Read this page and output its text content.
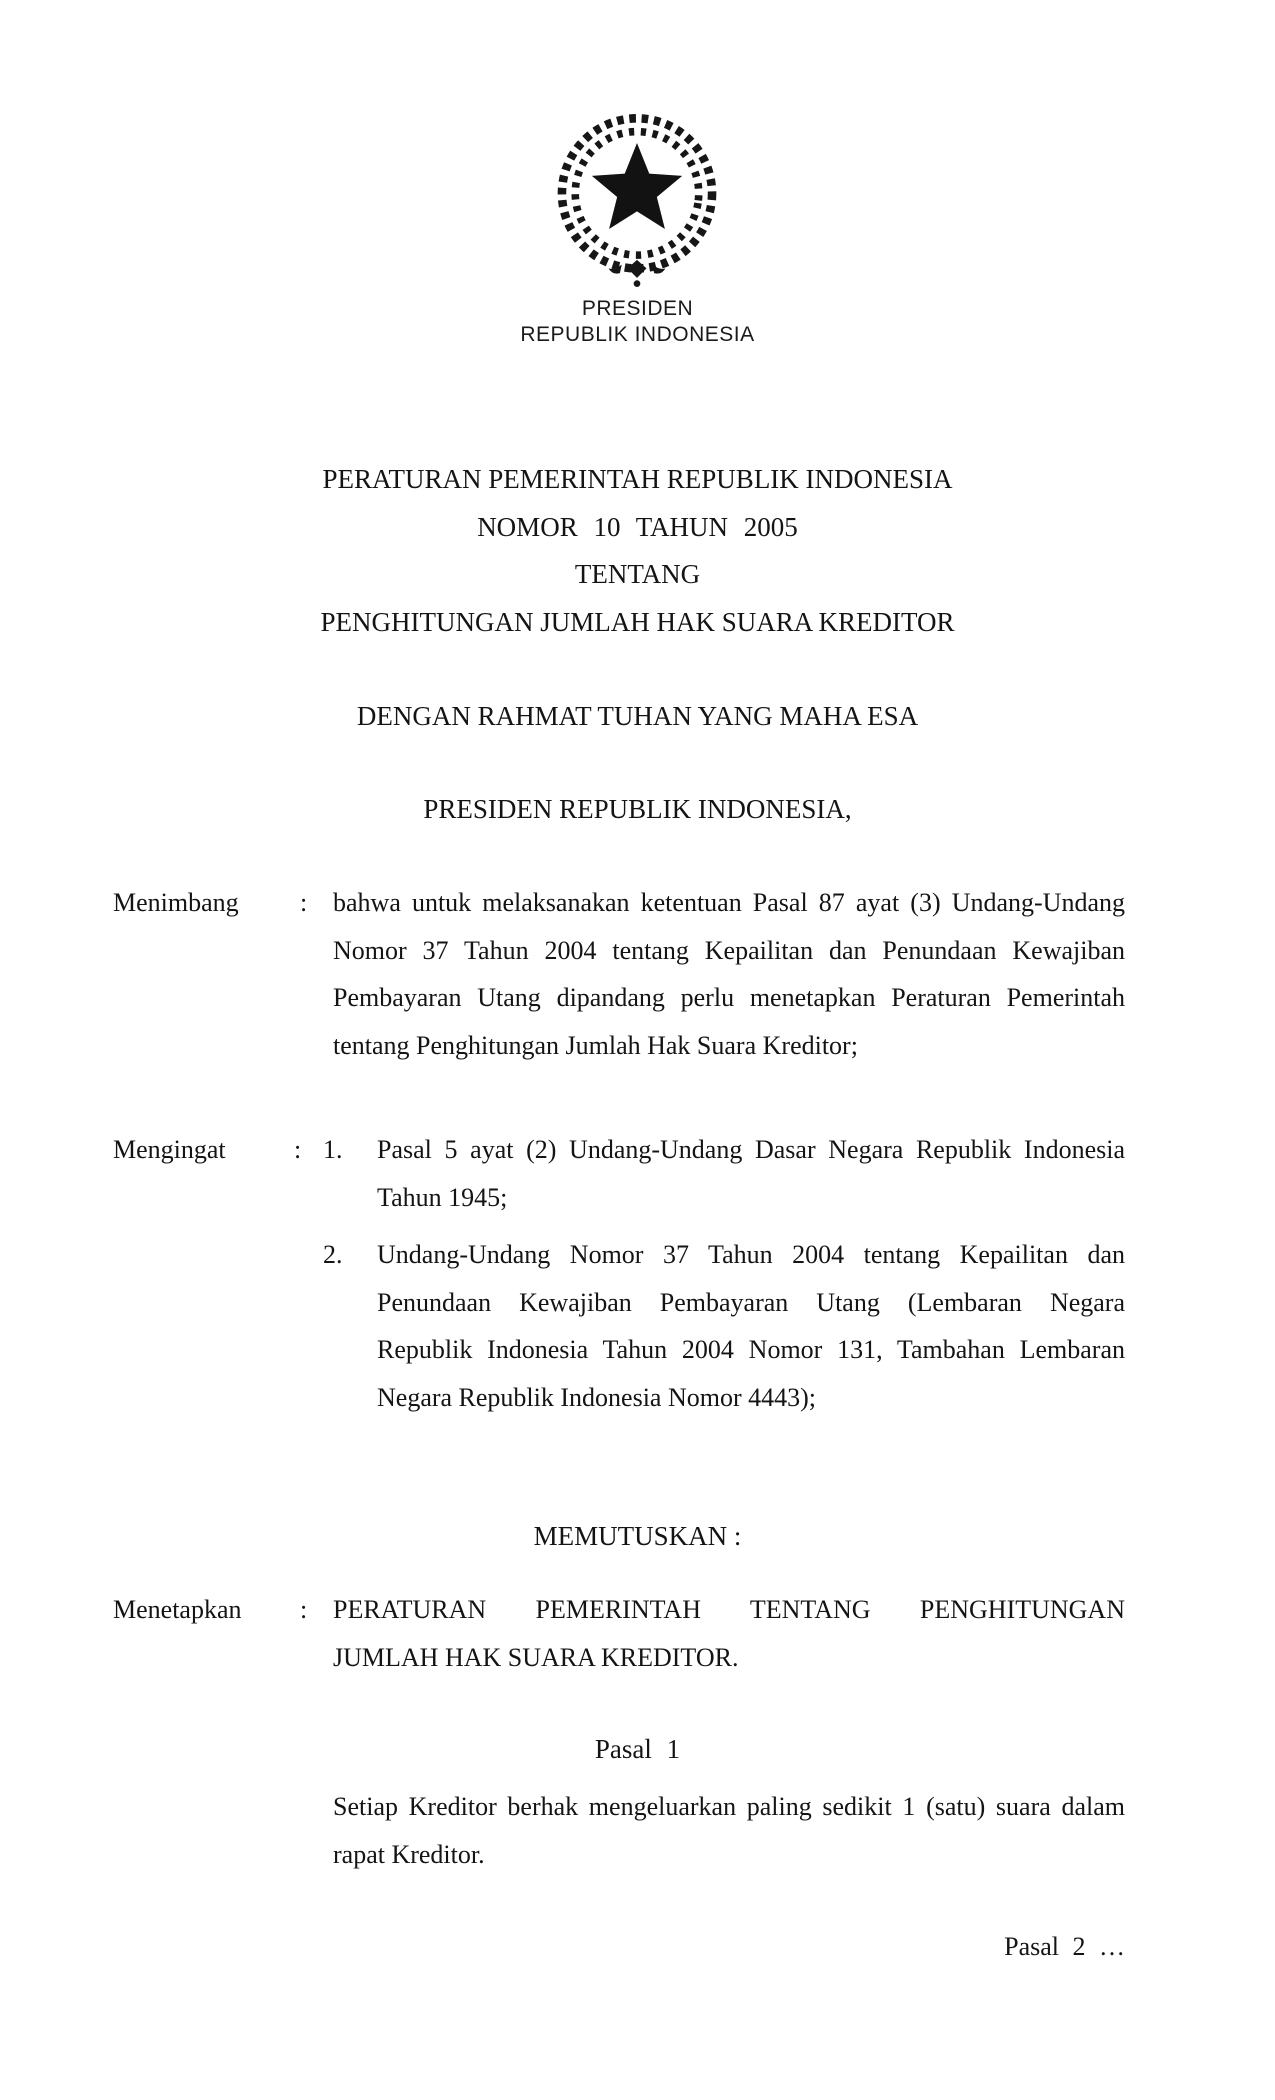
PRESIDEN
REPUBLIK INDONESIA
PERATURAN PEMERINTAH REPUBLIK INDONESIA
NOMOR 10 TAHUN 2005
TENTANG
PENGHITUNGAN JUMLAH HAK SUARA KREDITOR
DENGAN RAHMAT TUHAN YANG MAHA ESA
PRESIDEN REPUBLIK INDONESIA,
Menimbang : bahwa untuk melaksanakan ketentuan Pasal 87 ayat (3) Undang-Undang
Nomor 37 Tahun 2004 tentang Kepailitan dan Penundaan Kewajiban
Pembayaran Utang dipandang perlu menetapkan Peraturan Pemerintah
tentang Penghitungan Jumlah Hak Suara Kreditor;
Mengingat	: 1.	Pasal 5 ayat (2) Undang-Undang Dasar Negara Republik Indonesia
Tahun 1945;
2.	Undang-Undang Nomor 37 Tahun 2004 tentang Kepailitan dan
Penundaan Kewajiban Pembayaran Utang (Lembaran Negara
Republik Indonesia Tahun 2004 Nomor 131, Tambahan Lembaran
Negara Republik Indonesia Nomor 4443);
MEMUTUSKAN :
Menetapkan : PERATURAN PEMERINTAH TENTANG PENGHITUNGAN
JUMLAH HAK SUARA KREDITOR.
Pasal 1
Setiap Kreditor berhak mengeluarkan paling sedikit 1 (satu) suara dalam
rapat Kreditor.
Pasal 2 …
